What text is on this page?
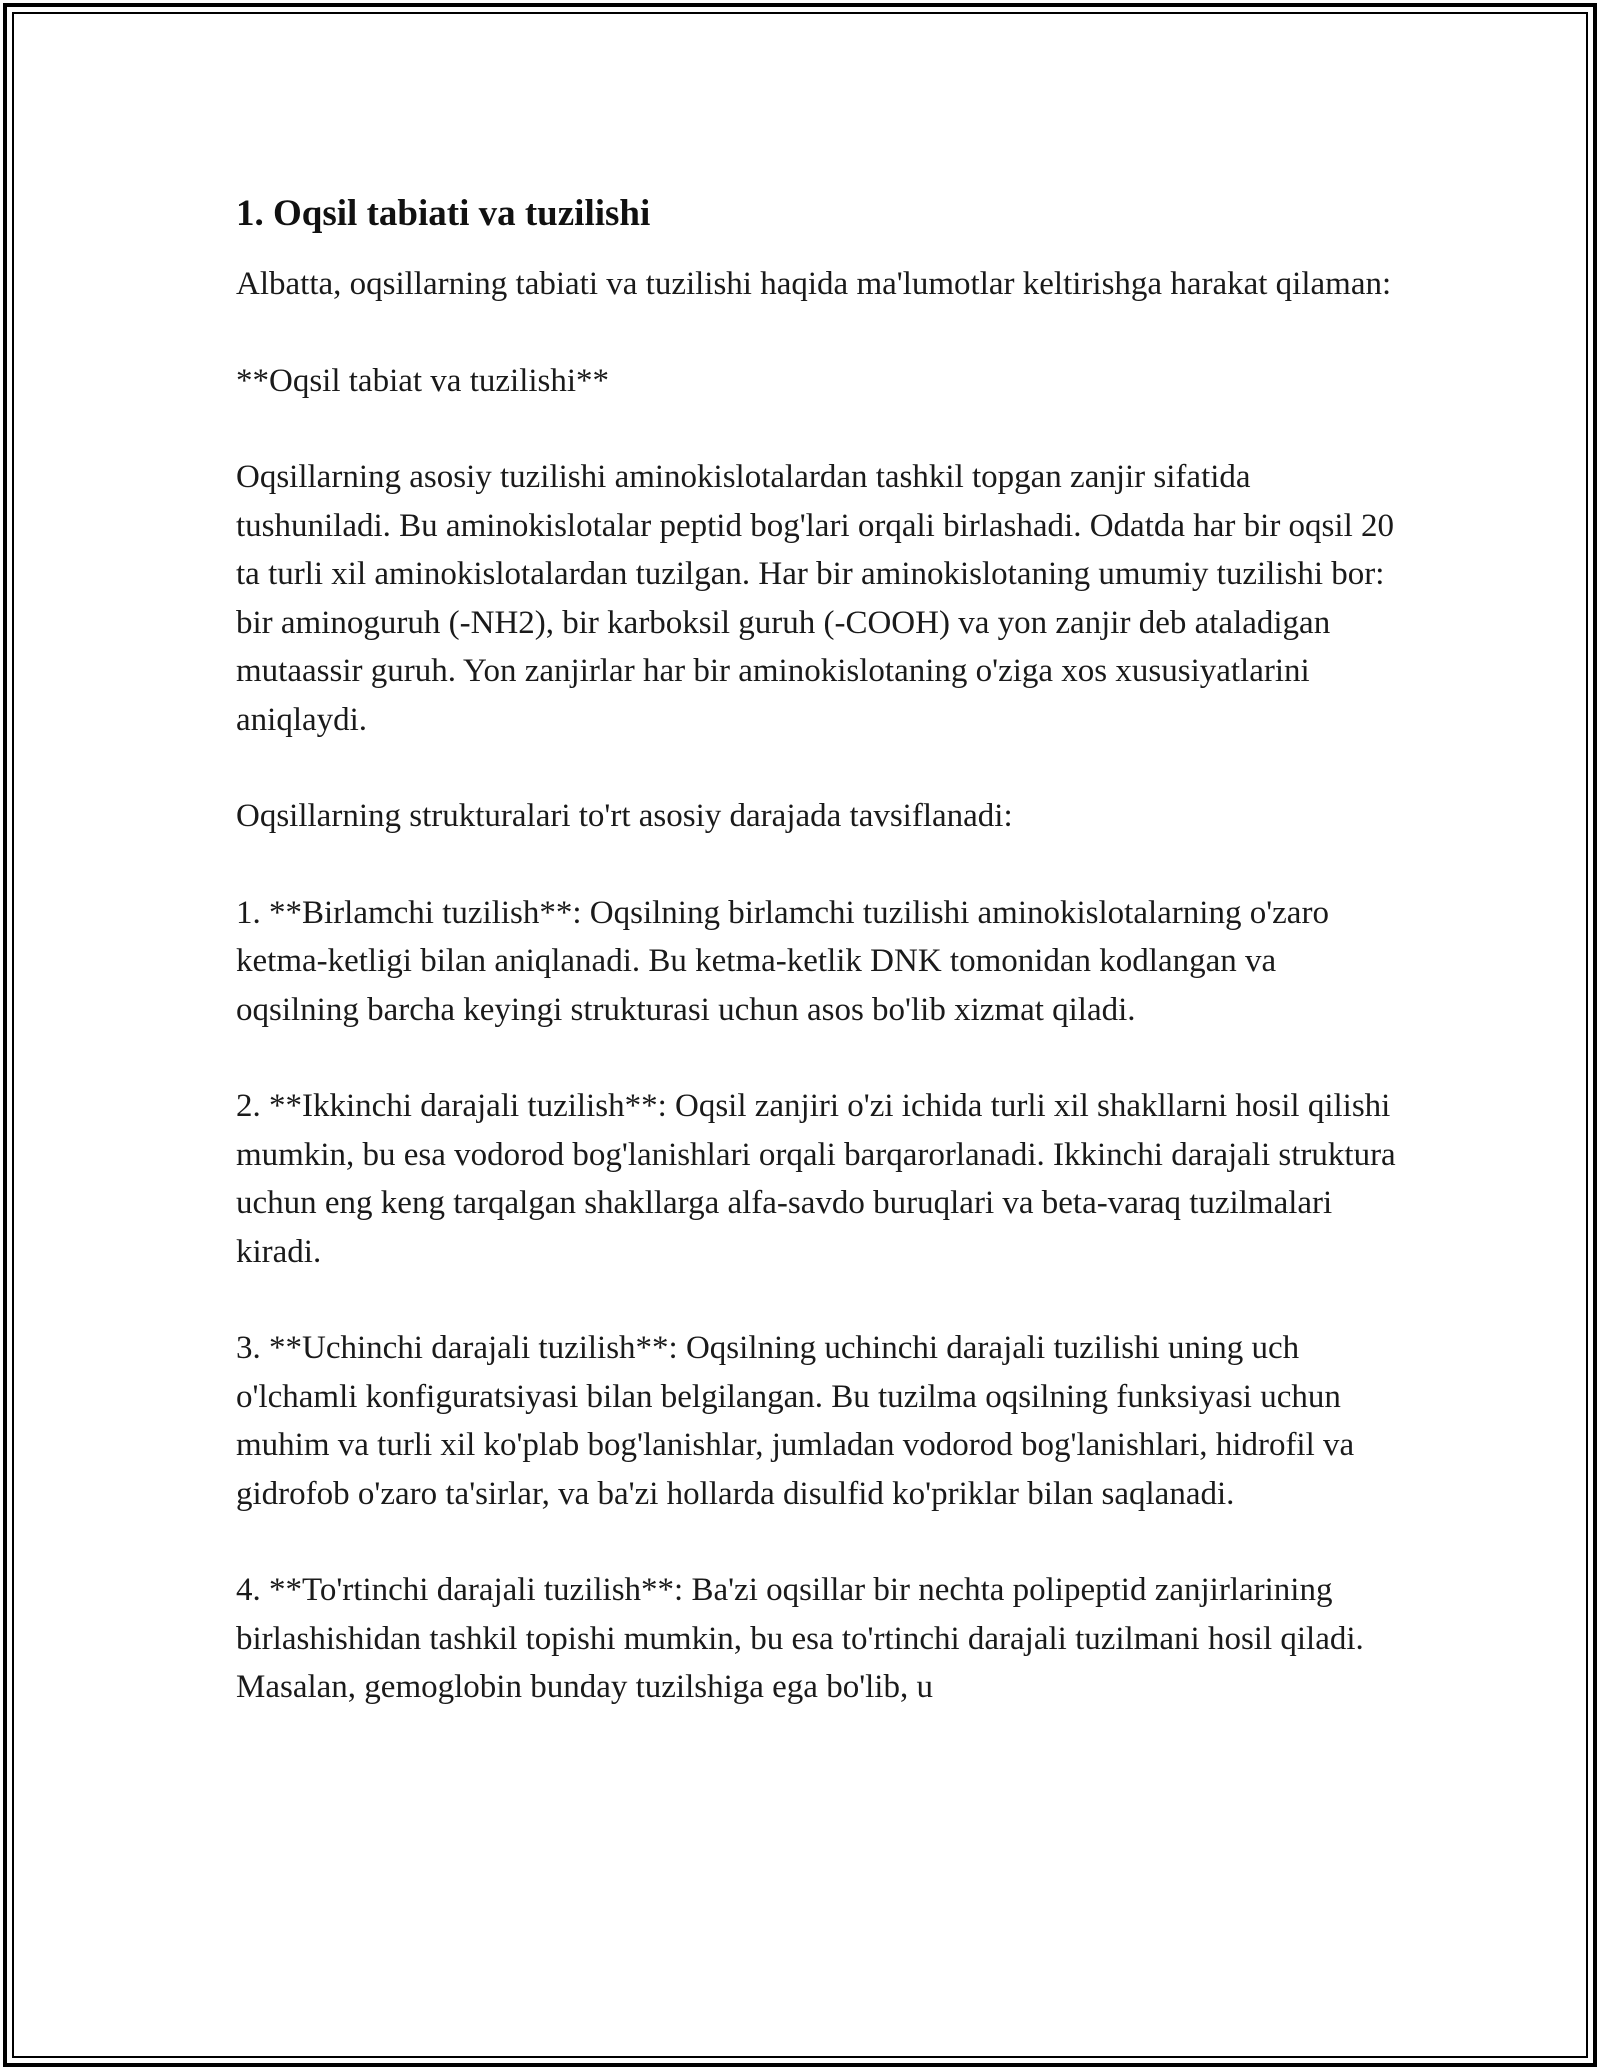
1. Oqsil tabiati va tuzilishi

Albatta, oqsillarning tabiati va tuzilishi haqida ma'lumotlar keltirishga harakat qilaman:

**Oqsil tabiat va tuzilishi**

Oqsillarning asosiy tuzilishi aminokislotalardan tashkil topgan zanjir sifatida tushuniladi. Bu aminokislotalar peptid bog'lari orqali birlashadi. Odatda har bir oqsil 20 ta turli xil aminokislotalardan tuzilgan. Har bir aminokislotaning umumiy tuzilishi bor: bir aminoguruh (-NH2), bir karboksil guruh (-COOH) va yon zanjir deb ataladigan mutaassir guruh. Yon zanjirlar har bir aminokislotaning o'ziga xos xususiyatlarini aniqlaydi.

Oqsillarning strukturalari to'rt asosiy darajada tavsiflanadi:

1. **Birlamchi tuzilish**: Oqsilning birlamchi tuzilishi aminokislotalarning o'zaro ketma-ketligi bilan aniqlanadi. Bu ketma-ketlik DNK tomonidan kodlangan va oqsilning barcha keyingi strukturasi uchun asos bo'lib xizmat qiladi.

2. **Ikkinchi darajali tuzilish**: Oqsil zanjiri o'zi ichida turli xil shakllarni hosil qilishi mumkin, bu esa vodorod bog'lanishlari orqali barqarorlanadi. Ikkinchi darajali struktura uchun eng keng tarqalgan shakllarga alfa-savdo buruqlari va beta-varaq tuzilmalari kiradi.

3. **Uchinchi darajali tuzilish**: Oqsilning uchinchi darajali tuzilishi uning uch o'lchamli konfiguratsiyasi bilan belgilangan. Bu tuzilma oqsilning funksiyasi uchun muhim va turli xil ko'plab bog'lanishlar, jumladan vodorod bog'lanishlari, hidrofil va gidrofob o'zaro ta'sirlar, va ba'zi hollarda disulfid ko'priklar bilan saqlanadi.

4. **To'rtinchi darajali tuzilish**: Ba'zi oqsillar bir nechta polipeptid zanjirlarining birlashishidan tashkil topishi mumkin, bu esa to'rtinchi darajali tuzilmani hosil qiladi. Masalan, gemoglobin bunday tuzilshiga ega bo'lib, u
